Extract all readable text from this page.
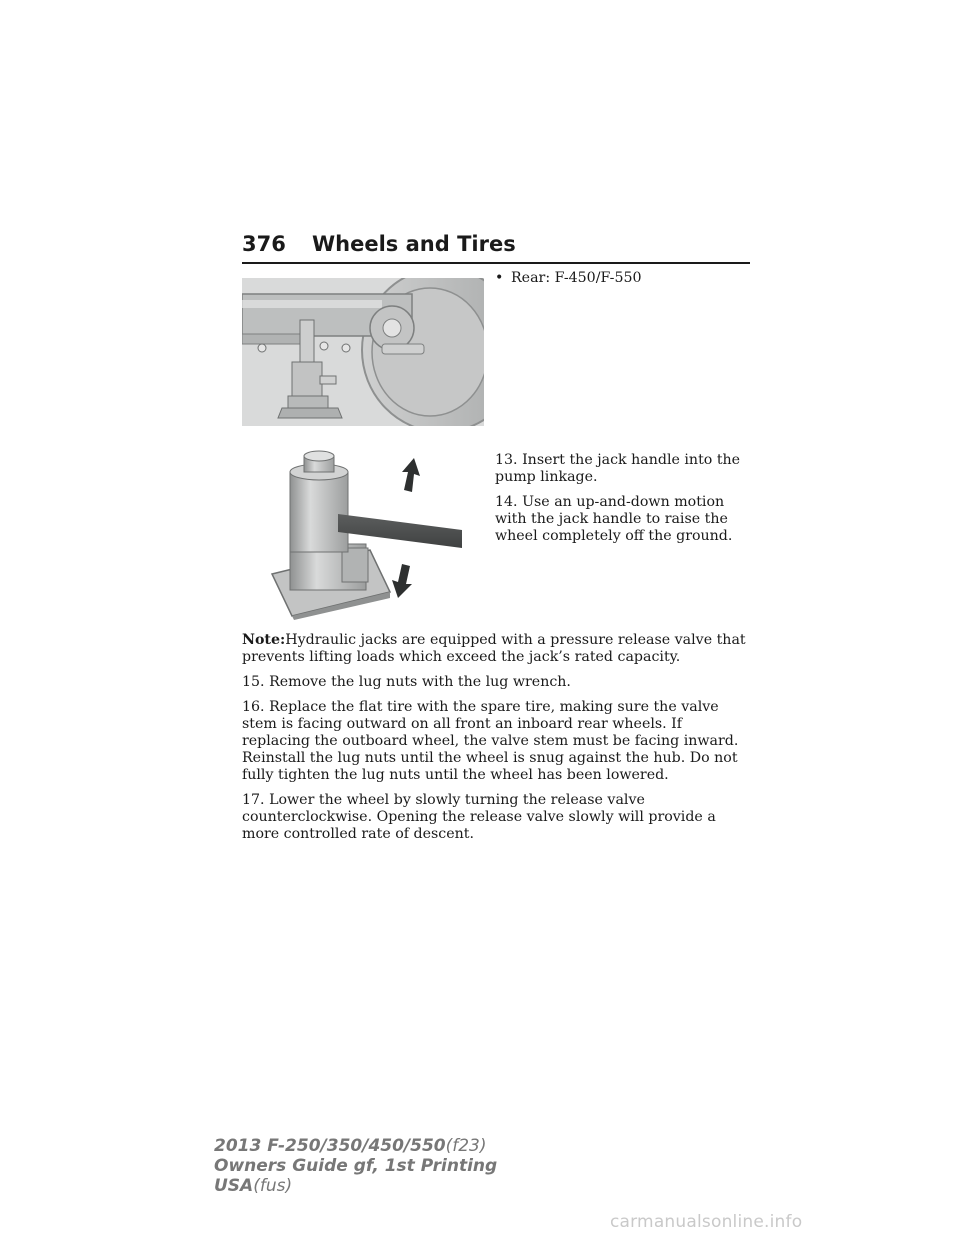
376 Wheels and Tires
• Rear: F-450/F-550
13. Insert the jack handle into the pump linkage.
14. Use an up-and-down motion with the jack handle to raise the wheel completely off the ground.

Note:Hydraulic jacks are equipped with a pressure release valve that prevents lifting loads which exceed the jack’s rated capacity.

15. Remove the lug nuts with the lug wrench.

16. Replace the flat tire with the spare tire, making sure the valve stem is facing outward on all front an inboard rear wheels. If replacing the outboard wheel, the valve stem must be facing inward. Reinstall the lug nuts until the wheel is snug against the hub. Do not fully tighten the lug nuts until the wheel has been lowered.

17. Lower the wheel by slowly turning the release valve counterclockwise. Opening the release valve slowly will provide a more controlled rate of descent.

2013 F-250/350/450/550(f23)
Owners Guide gf, 1st Printing
USA(fus)
carmanualsonline.info
